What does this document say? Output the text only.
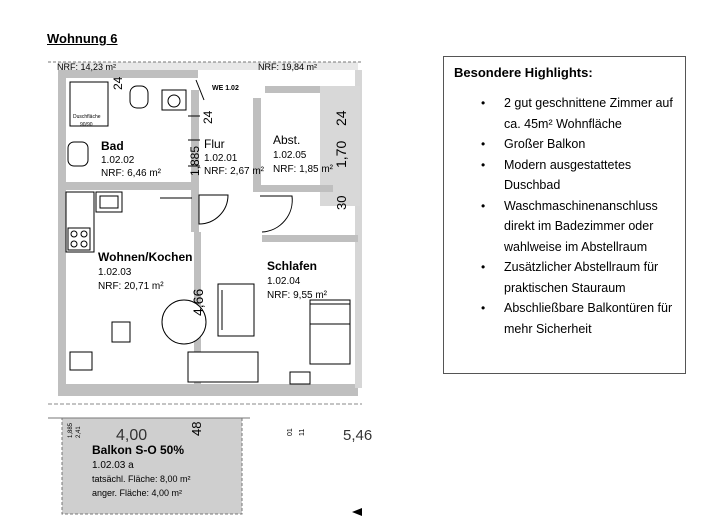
Wohnung 6
Duschfläche
90/90
NRF: 14,23 m²	NRF: 19,84 m²
WE 1.02
24
1,885
24
1,70
24
30
4,66
4,00	48	5,46
01 11
1,885 2,41
Bad
1.02.02
NRF: 6,46 m²
Flur
1.02.01
NRF: 2,67 m²
Abst.
1.02.05
NRF: 1,85 m²
Wohnen/Kochen
1.02.03
NRF: 20,71 m²
Schlafen
1.02.04
NRF: 9,55 m²
Balkon S-O 50%
1.02.03 a
tatsächl. Fläche: 8,00 m²
anger. Fläche: 4,00 m²
Besondere Highlights:
• 2 gut geschnittene Zimmer auf ca. 45m² Wohnfläche
• Großer Balkon
• Modern ausgestattetes Duschbad
• Waschmaschinenanschluss direkt im Badezimmer oder wahlweise im Abstellraum
• Zusätzlicher Abstellraum für praktischen Stauraum
• Abschließbare Balkontüren für mehr Sicherheit
